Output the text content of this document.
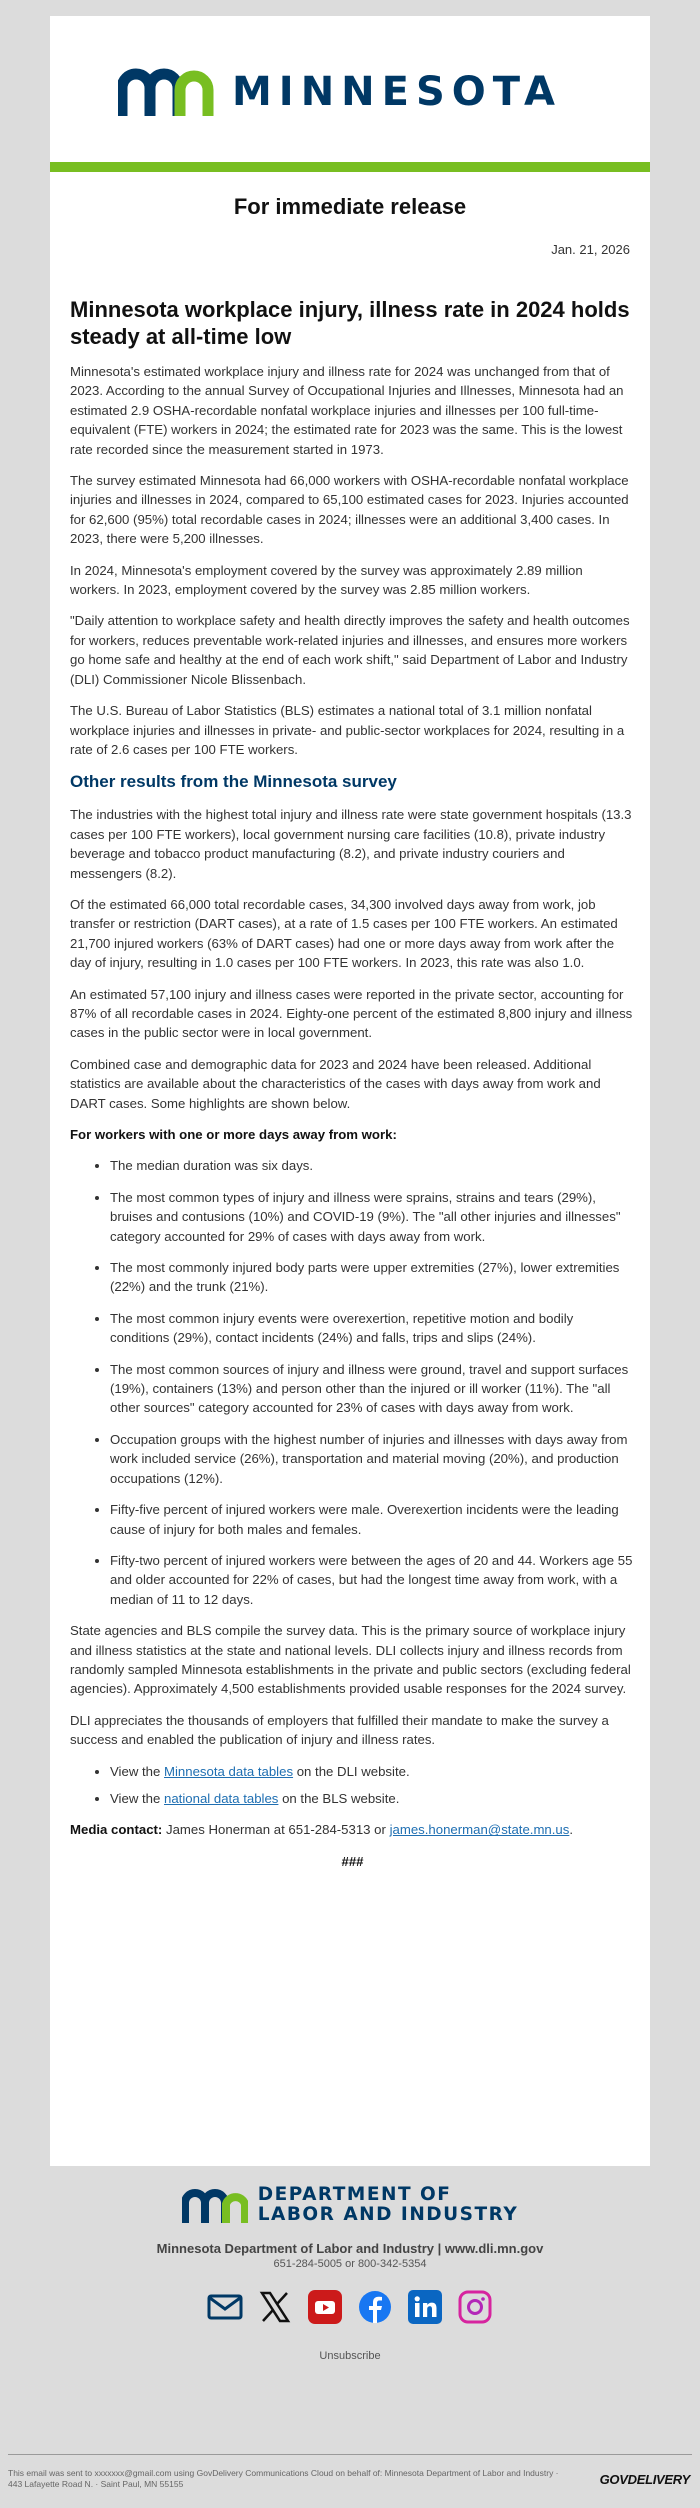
MINNESOTA
For immediate release
Jan. 21, 2026
Minnesota workplace injury, illness rate in 2024 holds steady at all-time low

Minnesota's estimated workplace injury and illness rate for 2024 was unchanged from that of 2023. According to the annual Survey of Occupational Injuries and Illnesses, Minnesota had an estimated 2.9 OSHA-recordable nonfatal workplace injuries and illnesses per 100 full-time-equivalent (FTE) workers in 2024; the estimated rate for 2023 was the same. This is the lowest rate recorded since the measurement started in 1973.

The survey estimated Minnesota had 66,000 workers with OSHA-recordable nonfatal workplace injuries and illnesses in 2024, compared to 65,100 estimated cases for 2023. Injuries accounted for 62,600 (95%) total recordable cases in 2024; illnesses were an additional 3,400 cases. In 2023, there were 5,200 illnesses.

In 2024, Minnesota's employment covered by the survey was approximately 2.89 million workers. In 2023, employment covered by the survey was 2.85 million workers.

"Daily attention to workplace safety and health directly improves the safety and health outcomes for workers, reduces preventable work-related injuries and illnesses, and ensures more workers go home safe and healthy at the end of each work shift," said Department of Labor and Industry (DLI) Commissioner Nicole Blissenbach.

The U.S. Bureau of Labor Statistics (BLS) estimates a national total of 3.1 million nonfatal workplace injuries and illnesses in private- and public-sector workplaces for 2024, resulting in a rate of 2.6 cases per 100 FTE workers.

Other results from the Minnesota survey

The industries with the highest total injury and illness rate were state government hospitals (13.3 cases per 100 FTE workers), local government nursing care facilities (10.8), private industry beverage and tobacco product manufacturing (8.2), and private industry couriers and messengers (8.2).

Of the estimated 66,000 total recordable cases, 34,300 involved days away from work, job transfer or restriction (DART cases), at a rate of 1.5 cases per 100 FTE workers. An estimated 21,700 injured workers (63% of DART cases) had one or more days away from work after the day of injury, resulting in 1.0 cases per 100 FTE workers. In 2023, this rate was also 1.0.

An estimated 57,100 injury and illness cases were reported in the private sector, accounting for 87% of all recordable cases in 2024. Eighty-one percent of the estimated 8,800 injury and illness cases in the public sector were in local government.

Combined case and demographic data for 2023 and 2024 have been released. Additional statistics are available about the characteristics of the cases with days away from work and DART cases. Some highlights are shown below.

For workers with one or more days away from work:

• The median duration was six days.
• The most common types of injury and illness were sprains, strains and tears (29%), bruises and contusions (10%) and COVID-19 (9%). The "all other injuries and illnesses" category accounted for 29% of cases with days away from work.
• The most commonly injured body parts were upper extremities (27%), lower extremities (22%) and the trunk (21%).
• The most common injury events were overexertion, repetitive motion and bodily conditions (29%), contact incidents (24%) and falls, trips and slips (24%).
• The most common sources of injury and illness were ground, travel and support surfaces (19%), containers (13%) and person other than the injured or ill worker (11%). The "all other sources" category accounted for 23% of cases with days away from work.
• Occupation groups with the highest number of injuries and illnesses with days away from work included service (26%), transportation and material moving (20%), and production occupations (12%).
• Fifty-five percent of injured workers were male. Overexertion incidents were the leading cause of injury for both males and females.
• Fifty-two percent of injured workers were between the ages of 20 and 44. Workers age 55 and older accounted for 22% of cases, but had the longest time away from work, with a median of 11 to 12 days.

State agencies and BLS compile the survey data. This is the primary source of workplace injury and illness statistics at the state and national levels. DLI collects injury and illness records from randomly sampled Minnesota establishments in the private and public sectors (excluding federal agencies). Approximately 4,500 establishments provided usable responses for the 2024 survey.

DLI appreciates the thousands of employers that fulfilled their mandate to make the survey a success and enabled the publication of injury and illness rates.

• View the Minnesota data tables on the DLI website.
• View the national data tables on the BLS website.

Media contact: James Honerman at 651-284-5313 or james.honerman@state.mn.us.

###
DEPARTMENT OF
LABOR AND INDUSTRY
Minnesota Department of Labor and Industry | www.dli.mn.gov
651-284-5005 or 800-342-5354
Unsubscribe
This email was sent to xxxxxxx@gmail.com using GovDelivery Communications Cloud on behalf of: Minnesota Department of Labor and Industry · 443 Lafayette Road N. · Saint Paul, MN 55155	GOVDELIVERY
